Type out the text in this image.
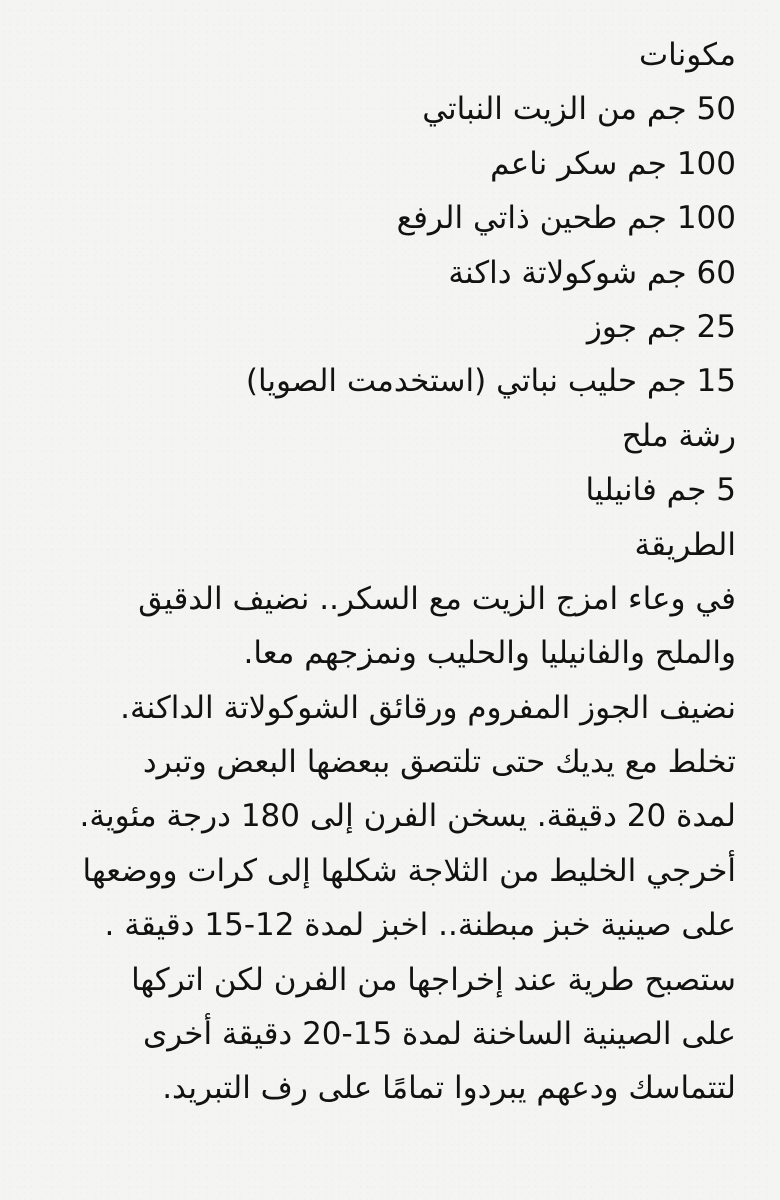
مكونات
50 جم من الزيت النباتي
100 جم سكر ناعم
100 جم طحين ذاتي الرفع
60 جم شوكولاتة داكنة
25 جم جوز
15 جم حليب نباتي (استخدمت الصويا)
رشة ملح
5 جم فانيليا
الطريقة
في وعاء امزج الزيت مع السكر.. نضيف الدقيق
والملح والفانيليا والحليب ونمزجهم معا.
نضيف الجوز المفروم ورقائق الشوكولاتة الداكنة.
تخلط مع يديك حتى تلتصق ببعضها البعض وتبرد
لمدة 20 دقيقة. يسخن الفرن إلى 180 درجة مئوية.
أخرجي الخليط من الثلاجة شكلها إلى كرات ووضعها
على صينية خبز مبطنة.. اخبز لمدة 12-15 دقيقة .
ستصبح طرية عند إخراجها من الفرن لكن اتركها
على الصينية الساخنة لمدة 15-20 دقيقة أخرى
لتتماسك ودعهم يبردوا تمامًا على رف التبريد.
